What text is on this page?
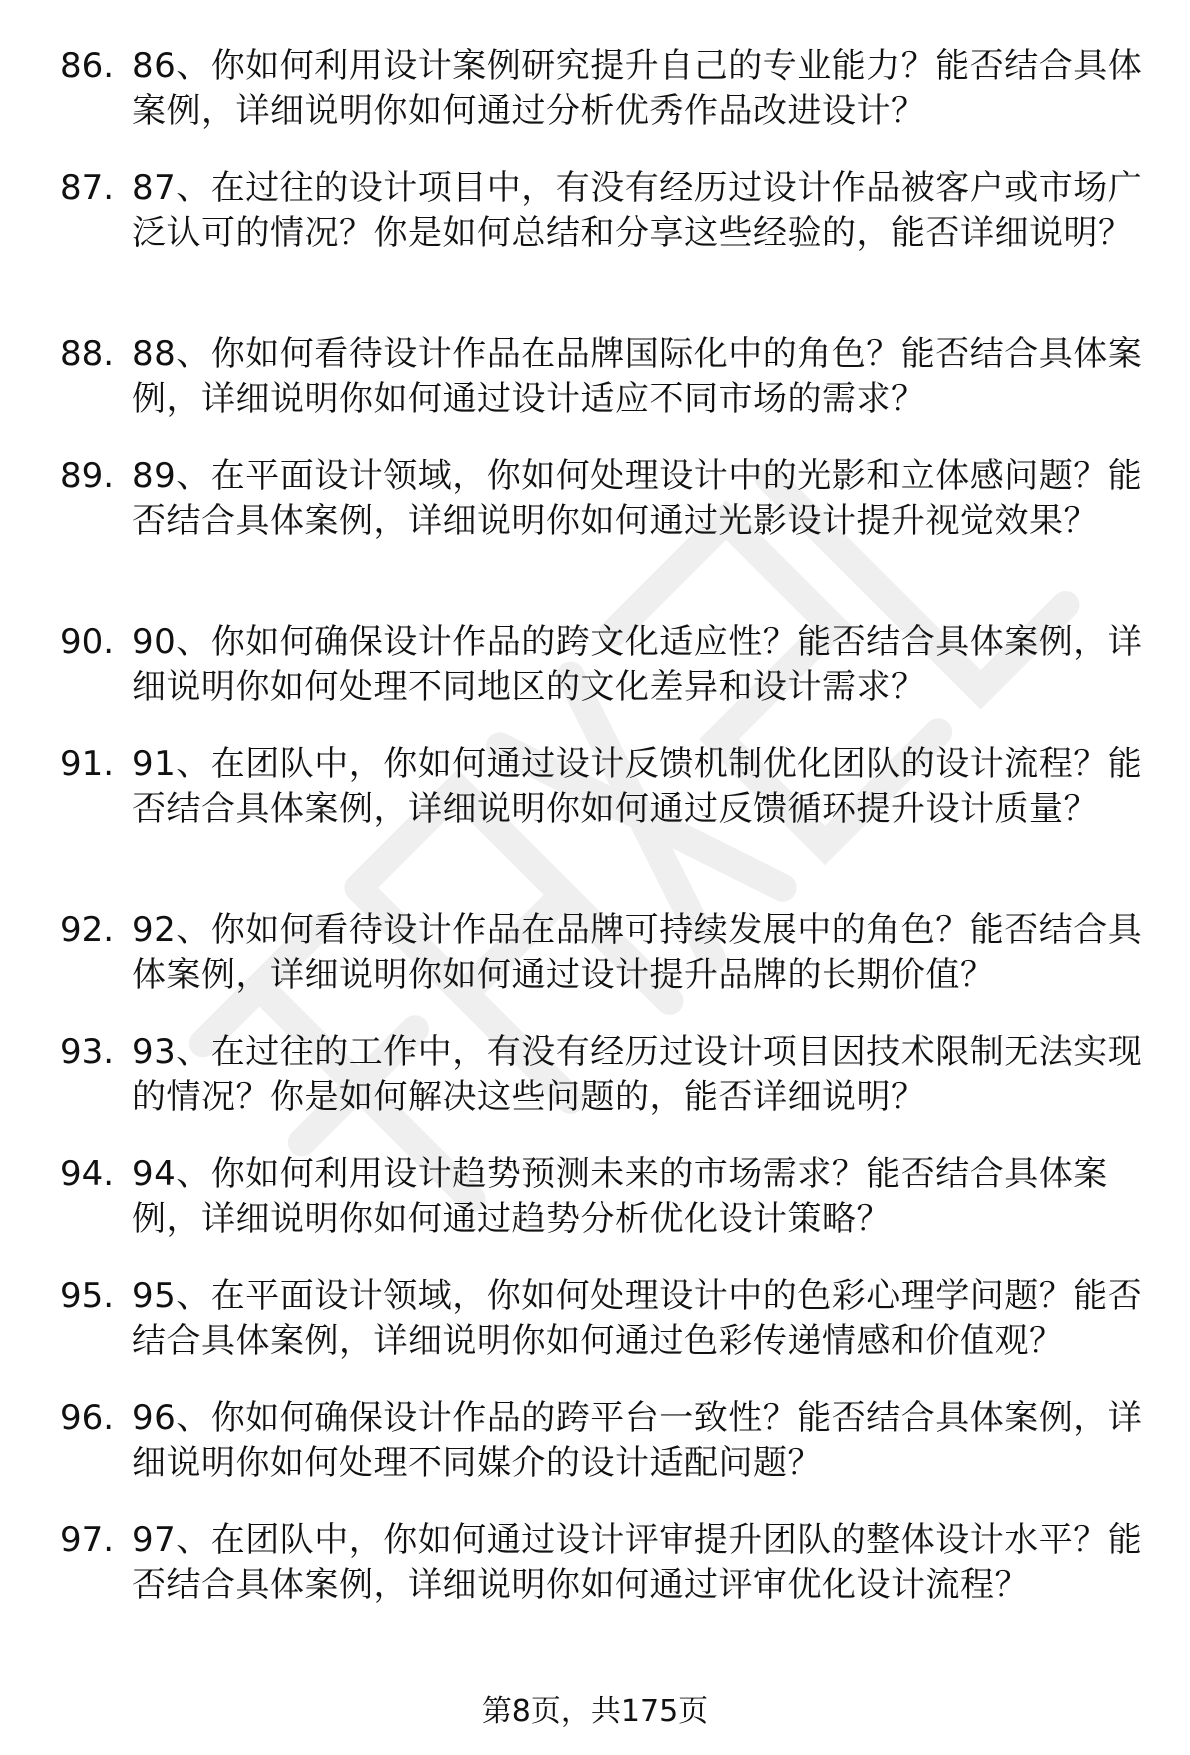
86. 86、你如何利用设计案例研究提升自己的专业能力？能否结合具体案例，详细说明你如何通过分析优秀作品改进设计？
87. 87、在过往的设计项目中，有没有经历过设计作品被客户或市场广泛认可的情况？你是如何总结和分享这些经验的，能否详细说明？
88. 88、你如何看待设计作品在品牌国际化中的角色？能否结合具体案例，详细说明你如何通过设计适应不同市场的需求？
89. 89、在平面设计领域，你如何处理设计中的光影和立体感问题？能否结合具体案例，详细说明你如何通过光影设计提升视觉效果？
90. 90、你如何确保设计作品的跨文化适应性？能否结合具体案例，详细说明你如何处理不同地区的文化差异和设计需求？
91. 91、在团队中，你如何通过设计反馈机制优化团队的设计流程？能否结合具体案例，详细说明你如何通过反馈循环提升设计质量？
92. 92、你如何看待设计作品在品牌可持续发展中的角色？能否结合具体案例，详细说明你如何通过设计提升品牌的长期价值？
93. 93、在过往的工作中，有没有经历过设计项目因技术限制无法实现的情况？你是如何解决这些问题的，能否详细说明？
94. 94、你如何利用设计趋势预测未来的市场需求？能否结合具体案例，详细说明你如何通过趋势分析优化设计策略？
95. 95、在平面设计领域，你如何处理设计中的色彩心理学问题？能否结合具体案例，详细说明你如何通过色彩传递情感和价值观？
96. 96、你如何确保设计作品的跨平台一致性？能否结合具体案例，详细说明你如何处理不同媒介的设计适配问题？
97. 97、在团队中，你如何通过设计评审提升团队的整体设计水平？能否结合具体案例，详细说明你如何通过评审优化设计流程？
第8页，共175页
